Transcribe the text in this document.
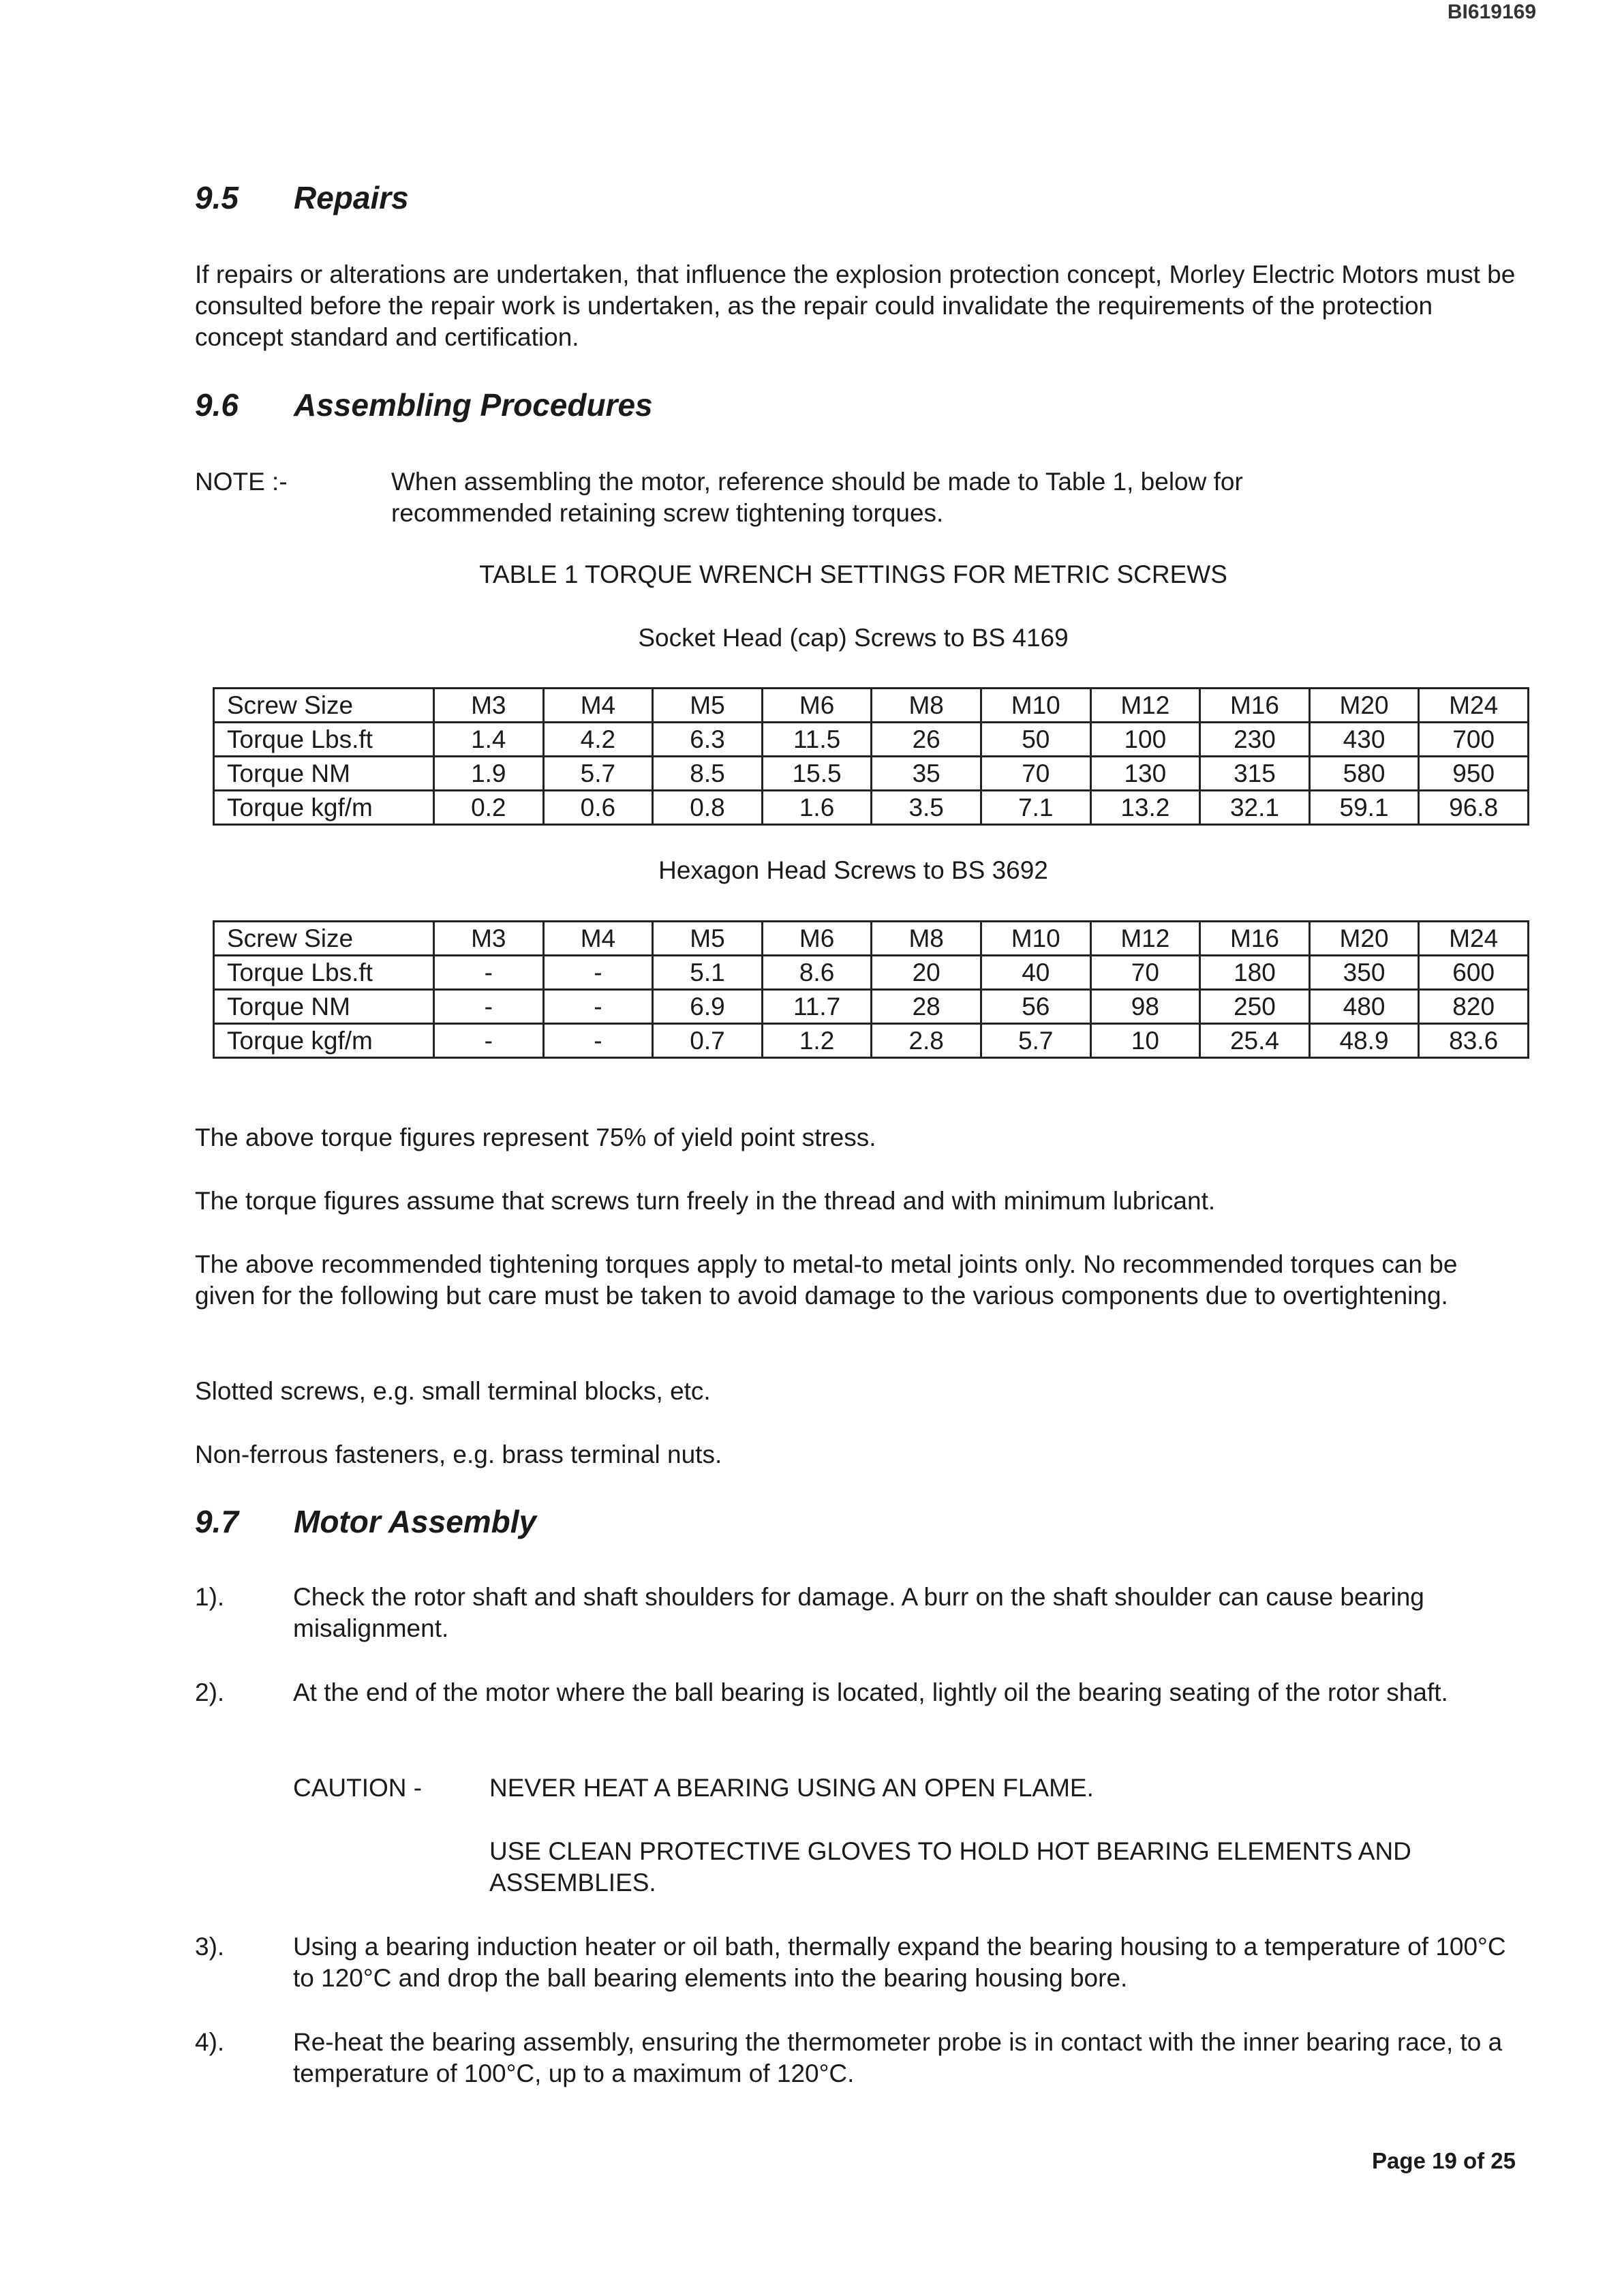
BI619169
9.5 Repairs

If repairs or alterations are undertaken, that influence the explosion protection concept, Morley Electric Motors must be consulted before the repair work is undertaken, as the repair could invalidate the requirements of the protection concept standard and certification.

9.6 Assembling Procedures
NOTE :-	When assembling the motor, reference should be made to Table 1, below for recommended retaining screw tightening torques.

TABLE 1 TORQUE WRENCH SETTINGS FOR METRIC SCREWS
Socket Head (cap) Screws to BS 4169
Screw Size	M3	M4	M5	M6	M8	M10	M12	M16	M20	M24
Torque Lbs.ft	1.4	4.2	6.3	11.5	26	50	100	230	430	700
Torque NM	1.9	5.7	8.5	15.5	35	70	130	315	580	950
Torque kgf/m	0.2	0.6	0.8	1.6	3.5	7.1	13.2	32.1	59.1	96.8
Hexagon Head Screws to BS 3692
Screw Size	M3	M4	M5	M6	M8	M10	M12	M16	M20	M24
Torque Lbs.ft	-	-	5.1	8.6	20	40	70	180	350	600
Torque NM	-	-	6.9	11.7	28	56	98	250	480	820
Torque kgf/m	-	-	0.7	1.2	2.8	5.7	10	25.4	48.9	83.6

The above torque figures represent 75% of yield point stress.

The torque figures assume that screws turn freely in the thread and with minimum lubricant.

The above recommended tightening torques apply to metal-to metal joints only. No recommended torques can be given for the following but care must be taken to avoid damage to the various components due to overtightening.

Slotted screws, e.g. small terminal blocks, etc.

Non-ferrous fasteners, e.g. brass terminal nuts.

9.7 Motor Assembly
1).	Check the rotor shaft and shaft shoulders for damage. A burr on the shaft shoulder can cause bearing misalignment.

2).	At the end of the motor where the ball bearing is located, lightly oil the bearing seating of the rotor shaft.

CAUTION -	NEVER HEAT A BEARING USING AN OPEN FLAME.

USE CLEAN PROTECTIVE GLOVES TO HOLD HOT BEARING ELEMENTS AND ASSEMBLIES.

3).	Using a bearing induction heater or oil bath, thermally expand the bearing housing to a temperature of 100°C to 120°C and drop the ball bearing elements into the bearing housing bore.

4).	Re-heat the bearing assembly, ensuring the thermometer probe is in contact with the inner bearing race, to a temperature of 100°C, up to a maximum of 120°C.

Page 19 of 25
